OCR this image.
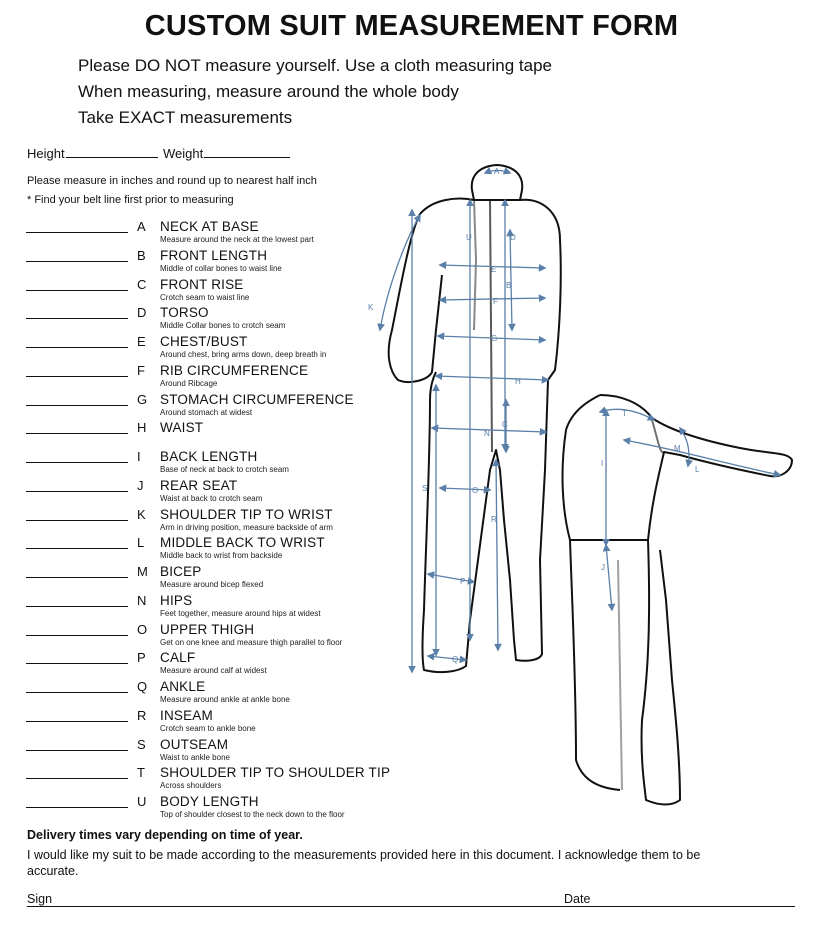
CUSTOM SUIT MEASUREMENT FORM
Please DO NOT measure yourself. Use a cloth measuring tape
When measuring, measure around the whole body
Take EXACT measurements
Height	Weight
Please measure in inches and round up to nearest half inch
* Find your belt line first prior to measuring
A NECK AT BASE
Measure around the neck at the lowest part
B FRONT LENGTH
Middle of collar bones to waist line
C FRONT RISE
Crotch seam to waist line
D TORSO
Middle Collar bones to crotch seam
E CHEST/BUST
Around chest, bring arms down, deep breath in
F RIB CIRCUMFERENCE
Around Ribcage
G STOMACH CIRCUMFERENCE
Around stomach at widest
H WAIST
I	BACK LENGTH
Base of neck at back to crotch seam
J	REAR SEAT
Waist at back to crotch seam
K SHOULDER TIP TO WRIST
Arm in driving position, measure backside of arm
L	MIDDLE BACK TO WRIST
Middle back to wrist from backside
M BICEP
Measure around bicep flexed
N HIPS
Feet together, measure around hips at widest
O UPPER THIGH
Get on one knee and measure thigh parallel to floor
P CALF
Measure around calf at widest
Q ANKLE
Measure around ankle at ankle bone
R INSEAM
Crotch seam to ankle bone
S OUTSEAM
Waist to ankle bone
T SHOULDER TIP TO SHOULDER TIP
Across shoulders
U BODY LENGTH
Top of shoulder closest to the neck down to the floor
A
U	D
E
B
F
K
G
H
C
N
S	O
R
P
Q
T
M
L
I
J
Delivery times vary depending on time of year.
I would like my suit to be made according to the measurements provided here in this document. I acknowledge them to be accurate.
Sign	Date
